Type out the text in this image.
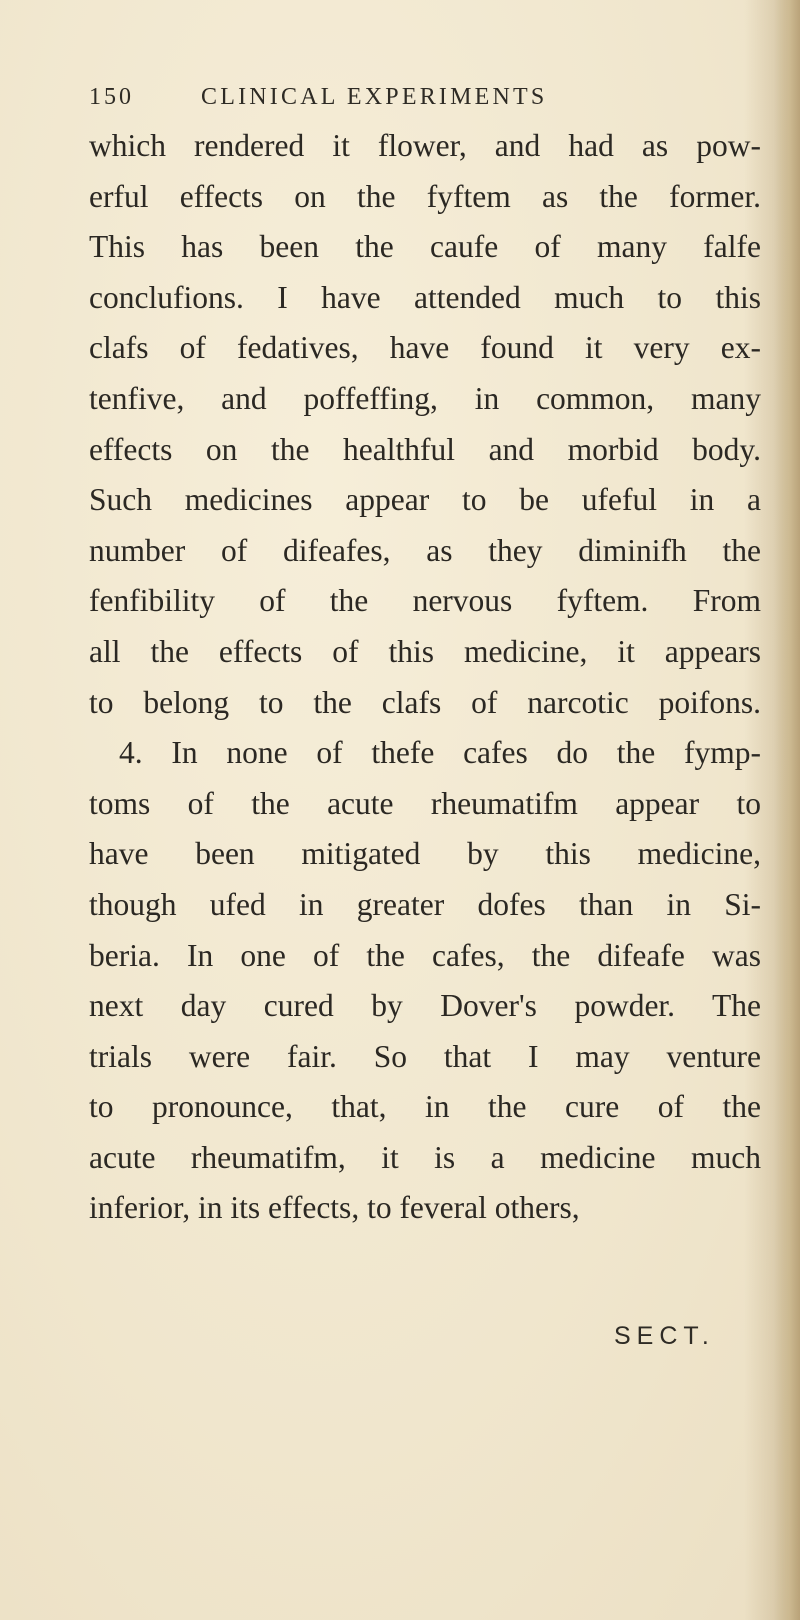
150	CLINICAL EXPERIMENTS
which rendered it flower, and had as pow-
erful effects on the fyftem as the former.
This has been the caufe of many falfe
conclufions. I have attended much to this
clafs of fedatives, have found it very ex-
tenfive, and poffeffing, in common, many
effects on the healthful and morbid body.
Such medicines appear to be ufeful in a
number of difeafes, as they diminifh the
fenfibility of the nervous fyftem. From
all the effects of this medicine, it appears
to belong to the clafs of narcotic poifons.
4. In none of thefe cafes do the fymp-
toms of the acute rheumatifm appear to
have been mitigated by this medicine,
though ufed in greater dofes than in Si-
beria. In one of the cafes, the difeafe was
next day cured by Dover's powder. The
trials were fair. So that I may venture
to pronounce, that, in the cure of the
acute rheumatifm, it is a medicine much
inferior, in its effects, to feveral others,
SECT.
